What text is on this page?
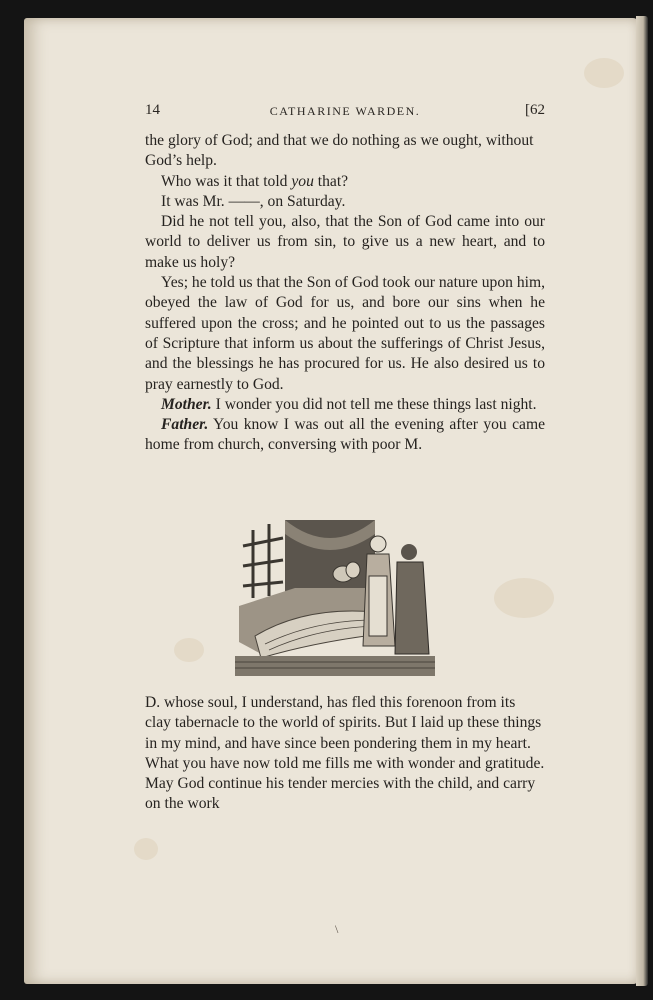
14	CATHARINE WARDEN.	[62

the glory of God; and that we do nothing as we ought, without God’s help.

Who was it that told you that?

It was Mr. ——, on Saturday.

Did he not tell you, also, that the Son of God came into our world to deliver us from sin, to give us a new heart, and to make us holy?

Yes; he told us that the Son of God took our nature upon him, obeyed the law of God for us, and bore our sins when he suffered upon the cross; and he pointed out to us the passages of Scripture that inform us about the sufferings of Christ Jesus, and the blessings he has procured for us. He also desired us to pray earnestly to God.

Mother. I wonder you did not tell me these things last night.

Father. You know I was out all the evening after you came home from church, conversing with poor M.

D. whose soul, I understand, has fled this forenoon from its clay tabernacle to the world of spirits. But I laid up these things in my mind, and have since been pondering them in my heart. What you have now told me fills me with wonder and gratitude. May God continue his tender mercies with the child, and carry on the work

\
